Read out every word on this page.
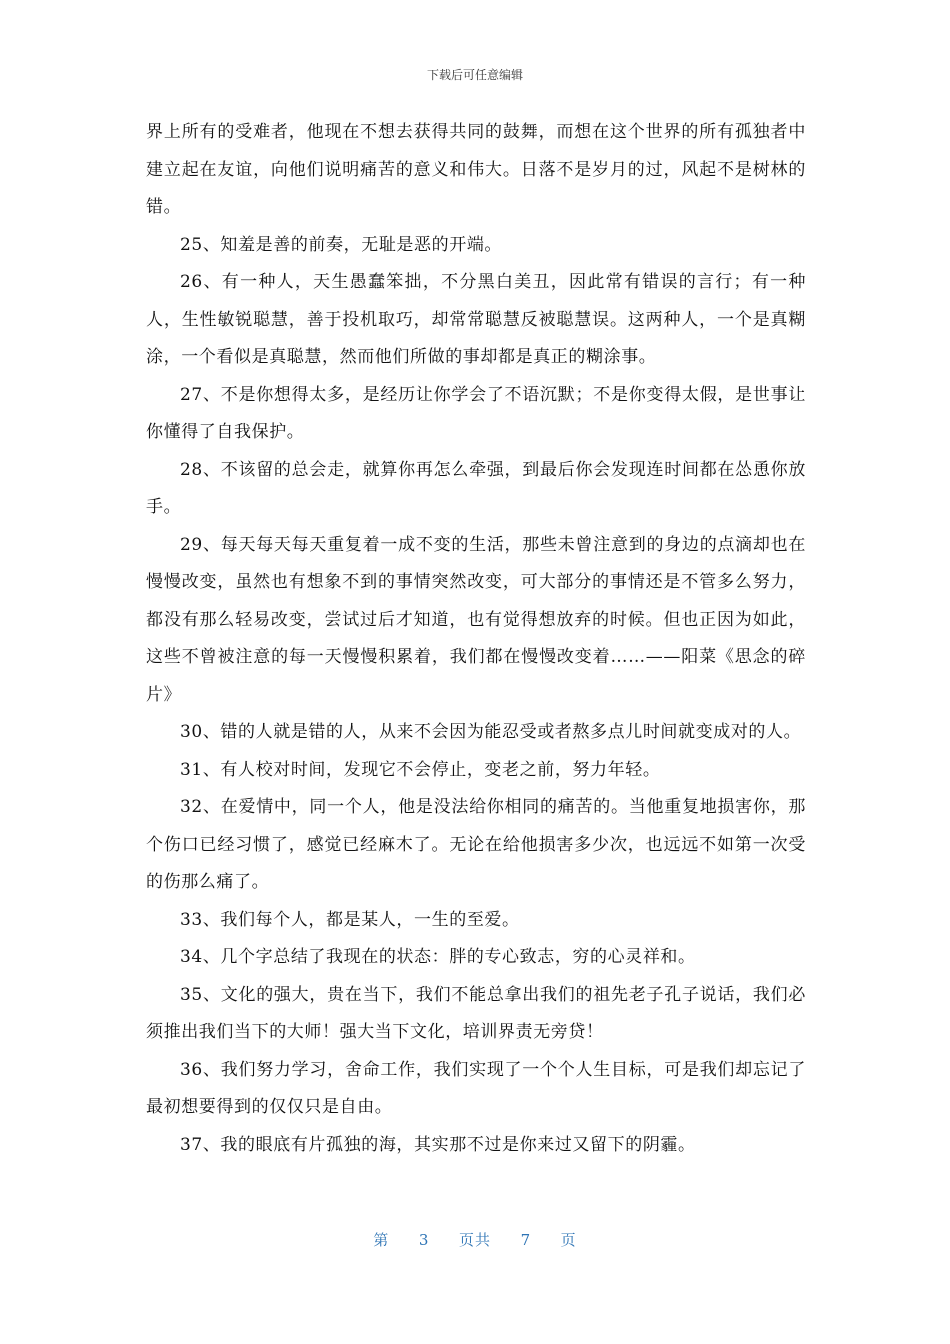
下载后可任意编辑

界上所有的受难者，他现在不想去获得共同的鼓舞，而想在这个世界的所有孤独者中建立起在友谊，向他们说明痛苦的意义和伟大。日落不是岁月的过，风起不是树林的错。

25、知羞是善的前奏，无耻是恶的开端。

26、有一种人，天生愚蠢笨拙，不分黑白美丑，因此常有错误的言行；有一种人，生性敏锐聪慧，善于投机取巧，却常常聪慧反被聪慧误。这两种人，一个是真糊涂，一个看似是真聪慧，然而他们所做的事却都是真正的糊涂事。

27、不是你想得太多，是经历让你学会了不语沉默；不是你变得太假，是世事让你懂得了自我保护。

28、不该留的总会走，就算你再怎么牵强，到最后你会发现连时间都在怂恿你放手。

29、每天每天每天重复着一成不变的生活，那些未曾注意到的身边的点滴却也在慢慢改变，虽然也有想象不到的事情突然改变，可大部分的事情还是不管多么努力，都没有那么轻易改变，尝试过后才知道，也有觉得想放弃的时候。但也正因为如此，这些不曾被注意的每一天慢慢积累着，我们都在慢慢改变着……——阳菜《思念的碎片》

30、错的人就是错的人，从来不会因为能忍受或者熬多点儿时间就变成对的人。

31、有人校对时间，发现它不会停止，变老之前，努力年轻。

32、在爱情中，同一个人，他是没法给你相同的痛苦的。当他重复地损害你，那个伤口已经习惯了，感觉已经麻木了。无论在给他损害多少次，也远远不如第一次受的伤那么痛了。

33、我们每个人，都是某人，一生的至爱。

34、几个字总结了我现在的状态：胖的专心致志，穷的心灵祥和。

35、文化的强大，贵在当下，我们不能总拿出我们的祖先老子孔子说话，我们必须推出我们当下的大师！强大当下文化，培训界责无旁贷！

36、我们努力学习，舍命工作，我们实现了一个个人生目标，可是我们却忘记了最初想要得到的仅仅只是自由。

37、我的眼底有片孤独的海，其实那不过是你来过又留下的阴霾。

第 3 页共 7 页
